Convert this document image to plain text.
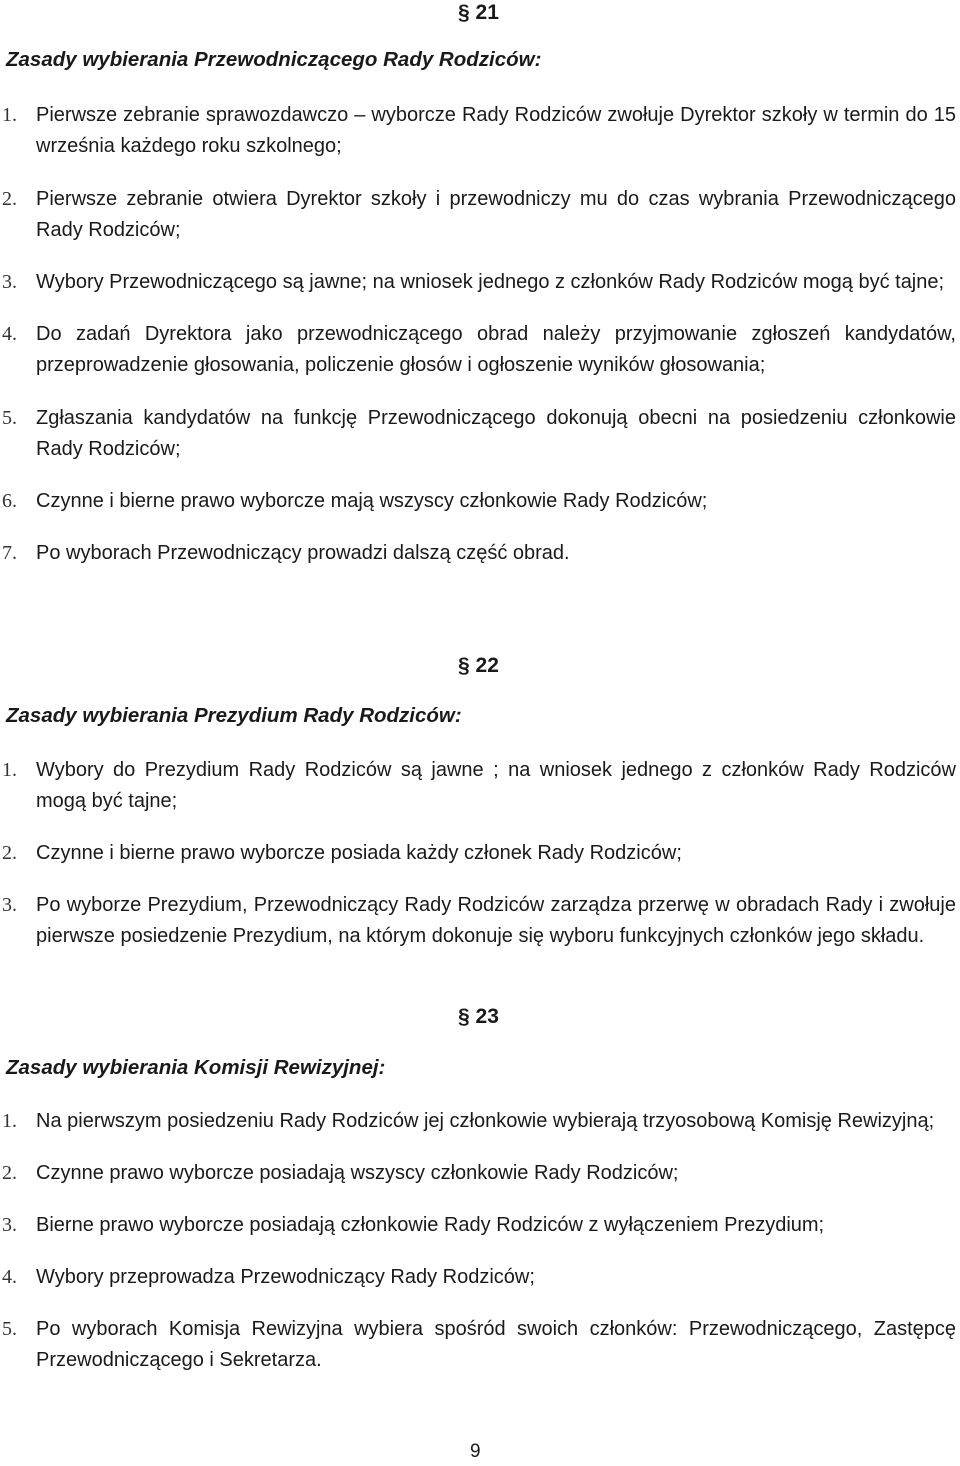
§ 21
Zasady wybierania Przewodniczącego Rady Rodziców:
1. Pierwsze zebranie sprawozdawczo – wyborcze Rady Rodziców zwołuje Dyrektor szkoły w termin do 15 września każdego roku szkolnego;
2. Pierwsze zebranie otwiera Dyrektor szkoły i przewodniczy mu do czas wybrania Przewodniczącego Rady Rodziców;
3. Wybory Przewodniczącego są jawne; na wniosek jednego z członków Rady Rodziców mogą być tajne;
4. Do zadań Dyrektora jako przewodniczącego obrad należy przyjmowanie zgłoszeń kandydatów, przeprowadzenie głosowania, policzenie głosów i ogłoszenie wyników głosowania;
5. Zgłaszania kandydatów na funkcję Przewodniczącego dokonują obecni na posiedzeniu członkowie Rady Rodziców;
6. Czynne i bierne prawo wyborcze mają wszyscy członkowie Rady Rodziców;
7. Po wyborach Przewodniczący prowadzi dalszą część obrad.
§ 22
Zasady wybierania Prezydium Rady Rodziców:
1. Wybory do Prezydium Rady Rodziców są jawne ; na wniosek jednego z członków Rady Rodziców mogą być tajne;
2. Czynne i bierne prawo wyborcze posiada każdy członek Rady Rodziców;
3. Po wyborze Prezydium, Przewodniczący Rady Rodziców zarządza przerwę w obradach Rady i zwołuje pierwsze posiedzenie Prezydium, na którym dokonuje się wyboru funkcyjnych członków jego składu.
§ 23
Zasady wybierania Komisji Rewizyjnej:
1. Na pierwszym posiedzeniu Rady Rodziców jej członkowie wybierają trzyosobową Komisję Rewizyjną;
2. Czynne prawo wyborcze posiadają wszyscy członkowie Rady Rodziców;
3. Bierne prawo wyborcze posiadają członkowie Rady Rodziców z wyłączeniem Prezydium;
4. Wybory przeprowadza Przewodniczący Rady Rodziców;
5. Po wyborach Komisja Rewizyjna wybiera spośród swoich członków: Przewodniczącego, Zastępcę Przewodniczącego i Sekretarza.
9
